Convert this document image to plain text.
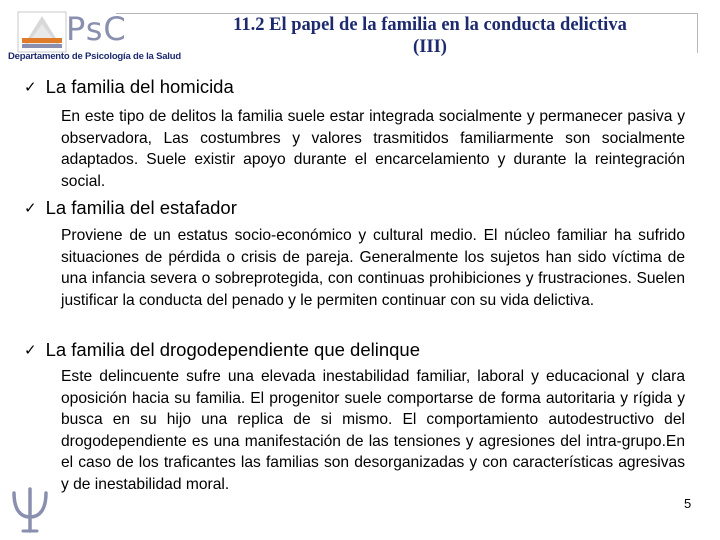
PsC
Departamento de Psicología de la Salud
11.2 El papel de la familia en la conducta delictiva
(III)
✓ La familia del homicida
En este tipo de delitos la familia suele estar integrada socialmente y permanecer pasiva y observadora, Las costumbres y valores trasmitidos familiarmente son socialmente adaptados. Suele existir apoyo durante el encarcelamiento y durante la reintegración social.
✓ La familia del estafador
Proviene de un estatus socio-económico y cultural medio. El núcleo familiar ha sufrido situaciones de pérdida o crisis de pareja. Generalmente los sujetos han sido víctima de una infancia severa o sobreprotegida, con continuas prohibiciones y frustraciones. Suelen justificar la conducta del penado y le permiten continuar con su vida delictiva.
✓ La familia del drogodependiente que delinque
Este delincuente sufre una elevada inestabilidad familiar, laboral y educacional y clara oposición hacia su familia. El progenitor suele comportarse de forma autoritaria y rígida y busca en su hijo una replica de si mismo. El comportamiento autodestructivo del drogodependiente es una manifestación de las tensiones y agresiones del intra-grupo.En el caso de los traficantes las familias son desorganizadas y con características agresivas y de inestabilidad moral.
5
